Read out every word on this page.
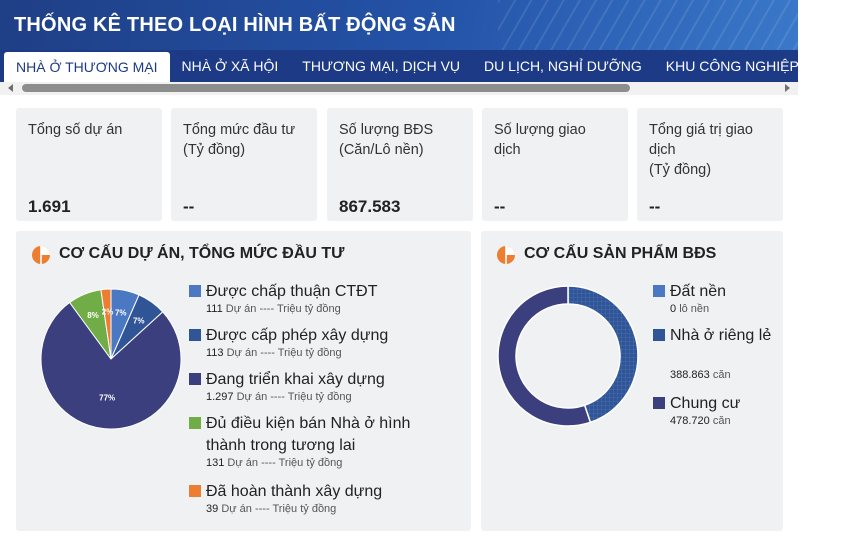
THỐNG KÊ THEO LOẠI HÌNH BẤT ĐỘNG SẢN
NHÀ Ở THƯƠNG MẠI	NHÀ Ở XÃ HỘI	THƯƠNG MẠI, DỊCH VỤ	DU LỊCH, NGHỈ DƯỠNG	KHU CÔNG NGHIỆP	CH
Tổng số dự án
1.691
Tổng mức đầu tư
(Tỷ đồng)
--
Số lượng BĐS
(Căn/Lô nền)
867.583
Số lượng giao
dịch
--
Tổng giá trị giao
dịch
(Tỷ đồng)
--
CƠ CẤU DỰ ÁN, TỔNG MỨC ĐẦU TƯ
7%
7%
77%
8% 2%
Được chấp thuận CTĐT
111 Dự án ---- Triệu tỷ đồng
Được cấp phép xây dựng
113 Dự án ---- Triệu tỷ đồng
Đang triển khai xây dựng
1.297 Dự án ---- Triệu tỷ đồng
Đủ điều kiện bán Nhà ở hình thành trong tương lai
131 Dự án ---- Triệu tỷ đồng
Đã hoàn thành xây dựng
39 Dự án ---- Triệu tỷ đồng
CƠ CẤU SẢN PHẨM BĐS
Đất nền
0 lô nền
Nhà ở riêng lẻ
388.863 căn
Chung cư
478.720 căn
